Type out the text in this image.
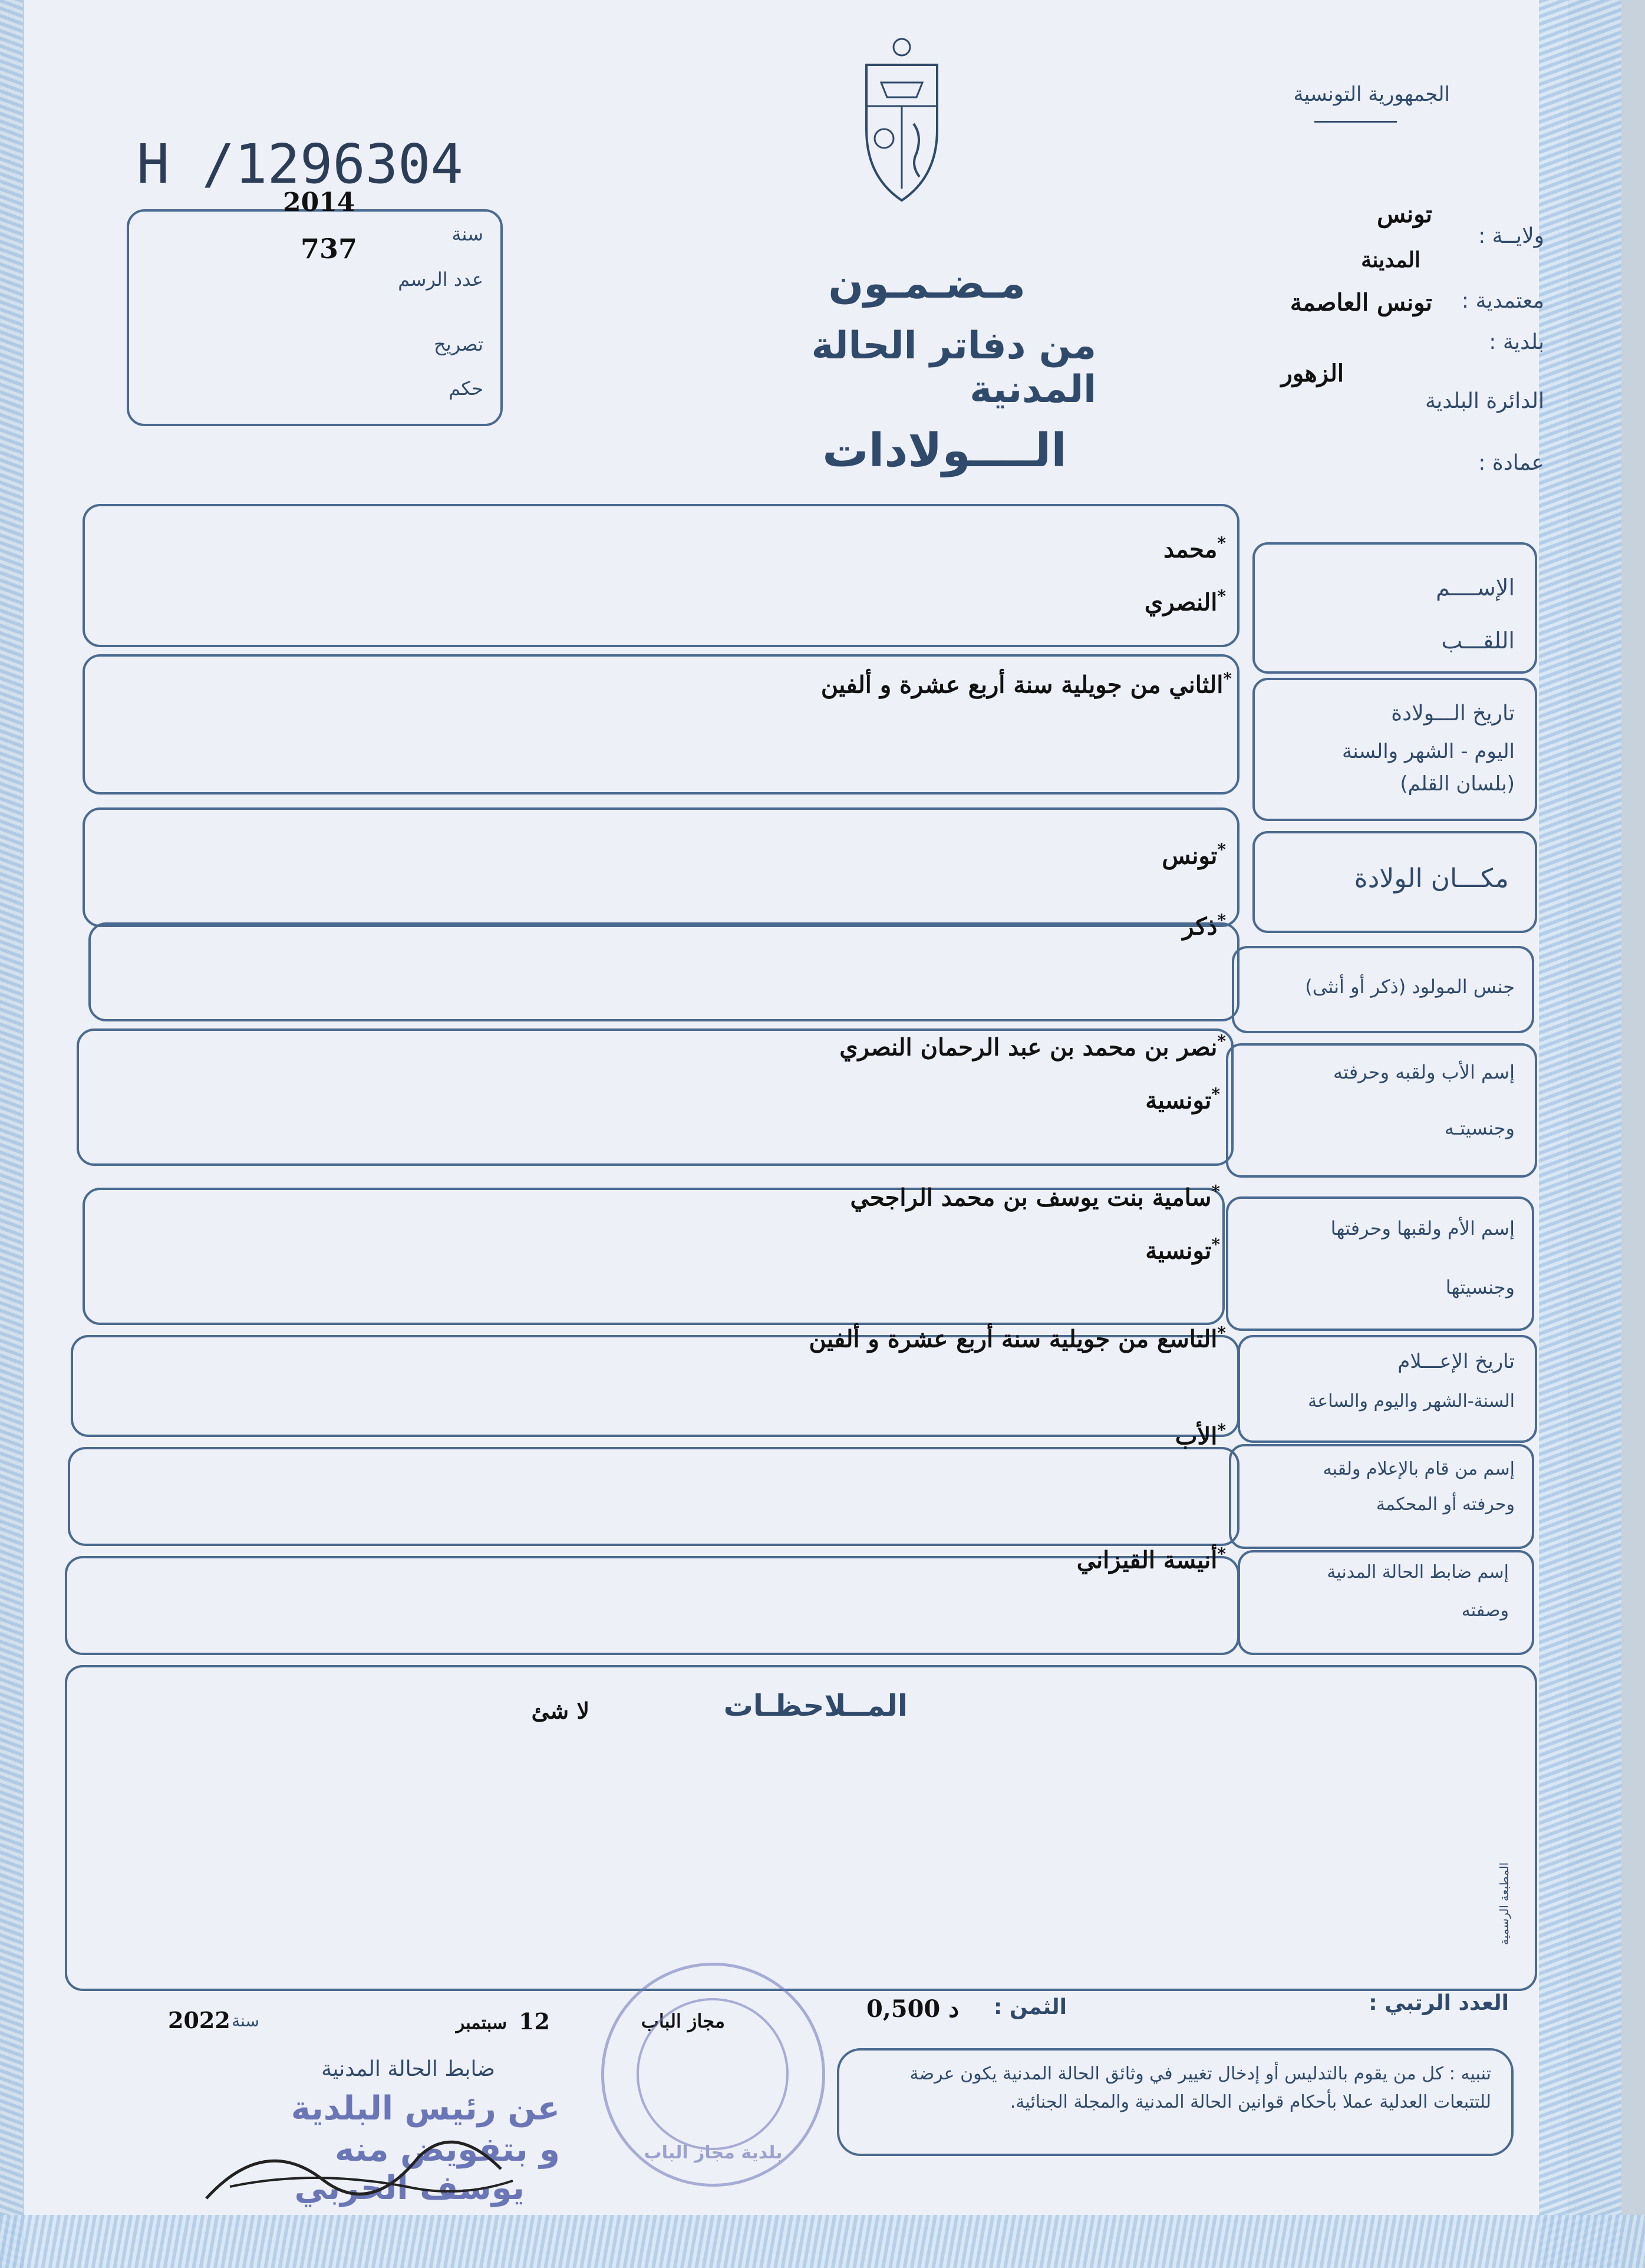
الجمهورية التونسية
H /1296304
2014
سنة
737
عدد الرسم
تصريح
حكم
مـضـمـون
من دفاتر الحالة المدنية
الــــولادات
تونس
ولايــة :
المدينة
تونس العاصمة	معتمدية :
بلدية :
الزهور
الدائرة البلدية
عمادة :
الإســــم
اللقـــب
*محمد
*النصري
تاريخ الـــولادة
اليوم - الشهر والسنة
(بلسان القلم)
*الثاني من جويلية سنة أربع عشرة و ألفين
مكـــان الولادة
*تونس
جنس المولود (ذكر أو أنثى)
*ذكر
إسم الأب ولقبه وحرفته
وجنسيتـه
*نصر بن محمد بن عبد الرحمان النصري
*تونسية
إسم الأم ولقبها وحرفتها
وجنسيتها
*سامية بنت يوسف بن محمد الراجحي
*تونسية
تاريخ الإعـــلام
السنة-الشهر واليوم والساعة
*التاسع من جويلية سنة أربع عشرة و ألفين
إسم من قام بالإعلام ولقبه
وحرفته أو المحكمة
*الأب
إسم ضابط الحالة المدنية
وصفته
*أنيسة القيزاني
المــلاحظـات
لا شئ
المطبعة الرسمية
العدد الرتبي :
الثمن :
0,500 د
مجاز الباب
12
سبتمبر
2022 سنة
ضابط الحالة المدنية
عن رئيس البلدية
و بتفويض منه
يوسف الحربي
بلدية مجاز الباب
تنبيه : كل من يقوم بالتدليس أو إدخال تغيير في وثائق الحالة المدنية يكون عرضة للتتبعات العدلية عملا بأحكام قوانين الحالة المدنية والمجلة الجنائية.
